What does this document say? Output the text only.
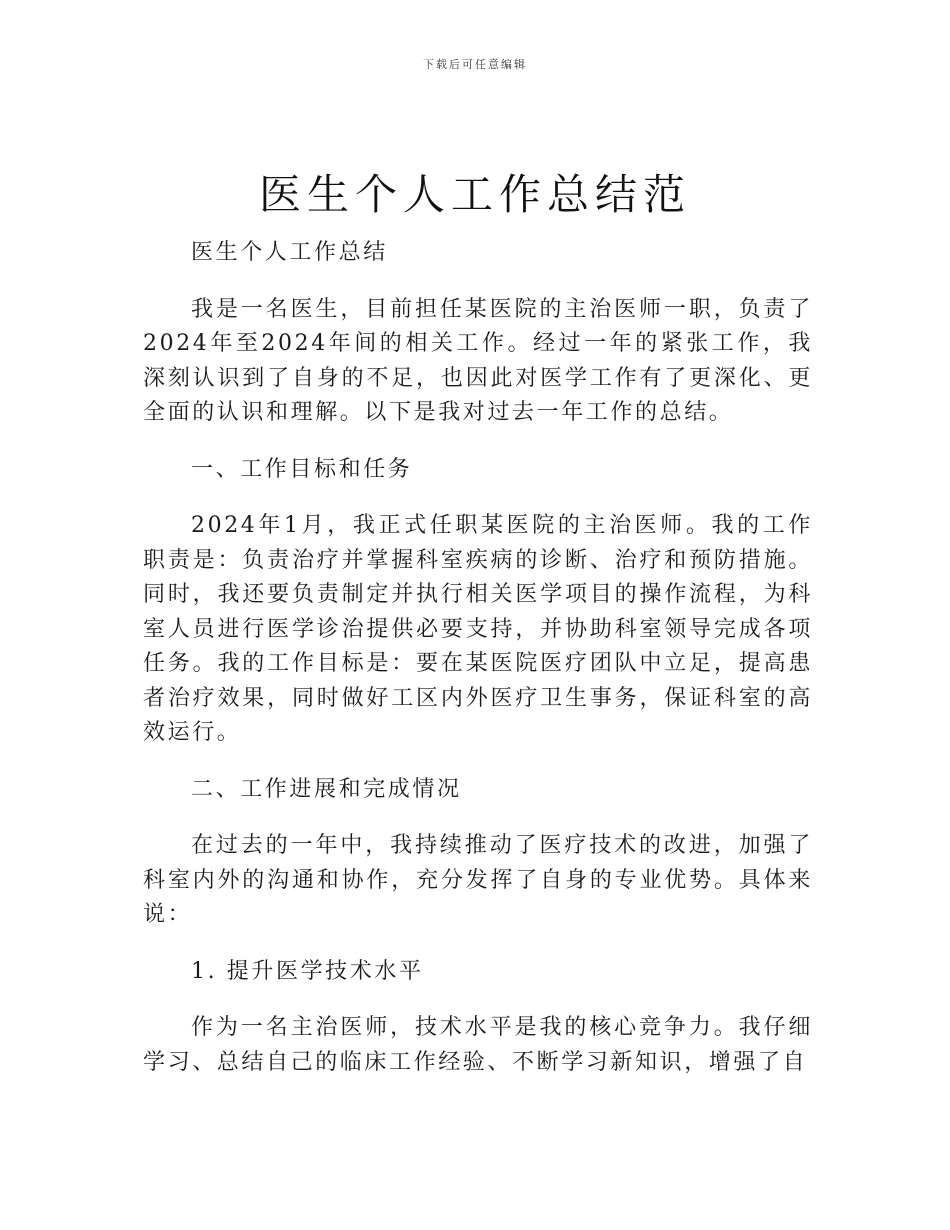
下载后可任意编辑
医生个人工作总结范

医生个人工作总结

我是一名医生，目前担任某医院的主治医师一职，负责了2024年至2024年间的相关工作。经过一年的紧张工作，我深刻认识到了自身的不足，也因此对医学工作有了更深化、更全面的认识和理解。以下是我对过去一年工作的总结。

一、工作目标和任务

2024年1月，我正式任职某医院的主治医师。我的工作职责是：负责治疗并掌握科室疾病的诊断、治疗和预防措施。同时，我还要负责制定并执行相关医学项目的操作流程，为科室人员进行医学诊治提供必要支持，并协助科室领导完成各项任务。我的工作目标是：要在某医院医疗团队中立足，提高患者治疗效果，同时做好工区内外医疗卫生事务，保证科室的高效运行。

二、工作进展和完成情况

在过去的一年中，我持续推动了医疗技术的改进，加强了科室内外的沟通和协作，充分发挥了自身的专业优势。具体来说：

1. 提升医学技术水平

作为一名主治医师，技术水平是我的核心竞争力。我仔细学习、总结自己的临床工作经验、不断学习新知识，增强了自
